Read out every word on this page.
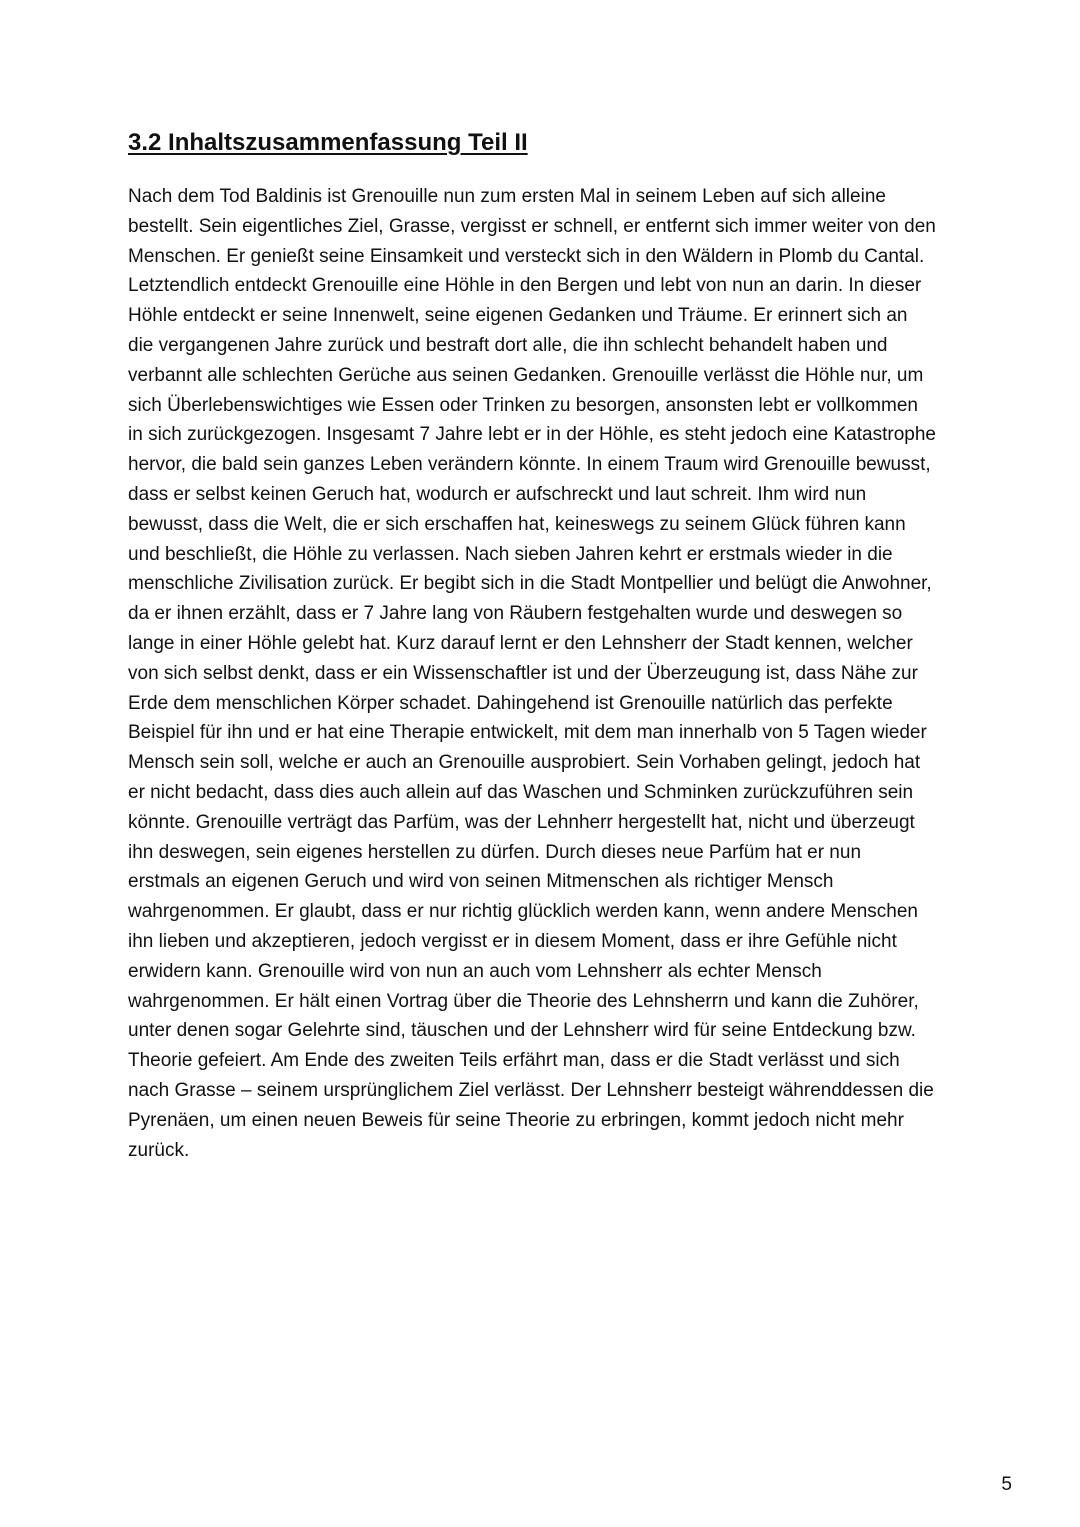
3.2 Inhaltszusammenfassung Teil II

Nach dem Tod Baldinis ist Grenouille nun zum ersten Mal in seinem Leben auf sich alleine
bestellt. Sein eigentliches Ziel, Grasse, vergisst er schnell, er entfernt sich immer weiter von den
Menschen. Er genießt seine Einsamkeit und versteckt sich in den Wäldern in Plomb du Cantal.
Letztendlich entdeckt Grenouille eine Höhle in den Bergen und lebt von nun an darin. In dieser
Höhle entdeckt er seine Innenwelt, seine eigenen Gedanken und Träume. Er erinnert sich an
die vergangenen Jahre zurück und bestraft dort alle, die ihn schlecht behandelt haben und
verbannt alle schlechten Gerüche aus seinen Gedanken. Grenouille verlässt die Höhle nur, um
sich Überlebenswichtiges wie Essen oder Trinken zu besorgen, ansonsten lebt er vollkommen
in sich zurückgezogen. Insgesamt 7 Jahre lebt er in der Höhle, es steht jedoch eine Katastrophe
hervor, die bald sein ganzes Leben verändern könnte. In einem Traum wird Grenouille bewusst,
dass er selbst keinen Geruch hat, wodurch er aufschreckt und laut schreit. Ihm wird nun
bewusst, dass die Welt, die er sich erschaffen hat, keineswegs zu seinem Glück führen kann
und beschließt, die Höhle zu verlassen. Nach sieben Jahren kehrt er erstmals wieder in die
menschliche Zivilisation zurück. Er begibt sich in die Stadt Montpellier und belügt die Anwohner,
da er ihnen erzählt, dass er 7 Jahre lang von Räubern festgehalten wurde und deswegen so
lange in einer Höhle gelebt hat. Kurz darauf lernt er den Lehnsherr der Stadt kennen, welcher
von sich selbst denkt, dass er ein Wissenschaftler ist und der Überzeugung ist, dass Nähe zur
Erde dem menschlichen Körper schadet. Dahingehend ist Grenouille natürlich das perfekte
Beispiel für ihn und er hat eine Therapie entwickelt, mit dem man innerhalb von 5 Tagen wieder
Mensch sein soll, welche er auch an Grenouille ausprobiert. Sein Vorhaben gelingt, jedoch hat
er nicht bedacht, dass dies auch allein auf das Waschen und Schminken zurückzuführen sein
könnte. Grenouille verträgt das Parfüm, was der Lehnherr hergestellt hat, nicht und überzeugt
ihn deswegen, sein eigenes herstellen zu dürfen. Durch dieses neue Parfüm hat er nun
erstmals an eigenen Geruch und wird von seinen Mitmenschen als richtiger Mensch
wahrgenommen. Er glaubt, dass er nur richtig glücklich werden kann, wenn andere Menschen
ihn lieben und akzeptieren, jedoch vergisst er in diesem Moment, dass er ihre Gefühle nicht
erwidern kann. Grenouille wird von nun an auch vom Lehnsherr als echter Mensch
wahrgenommen. Er hält einen Vortrag über die Theorie des Lehnsherrn und kann die Zuhörer,
unter denen sogar Gelehrte sind, täuschen und der Lehnsherr wird für seine Entdeckung bzw.
Theorie gefeiert. Am Ende des zweiten Teils erfährt man, dass er die Stadt verlässt und sich
nach Grasse – seinem ursprünglichem Ziel verlässt. Der Lehnsherr besteigt währenddessen die
Pyrenäen, um einen neuen Beweis für seine Theorie zu erbringen, kommt jedoch nicht mehr
zurück.

5
